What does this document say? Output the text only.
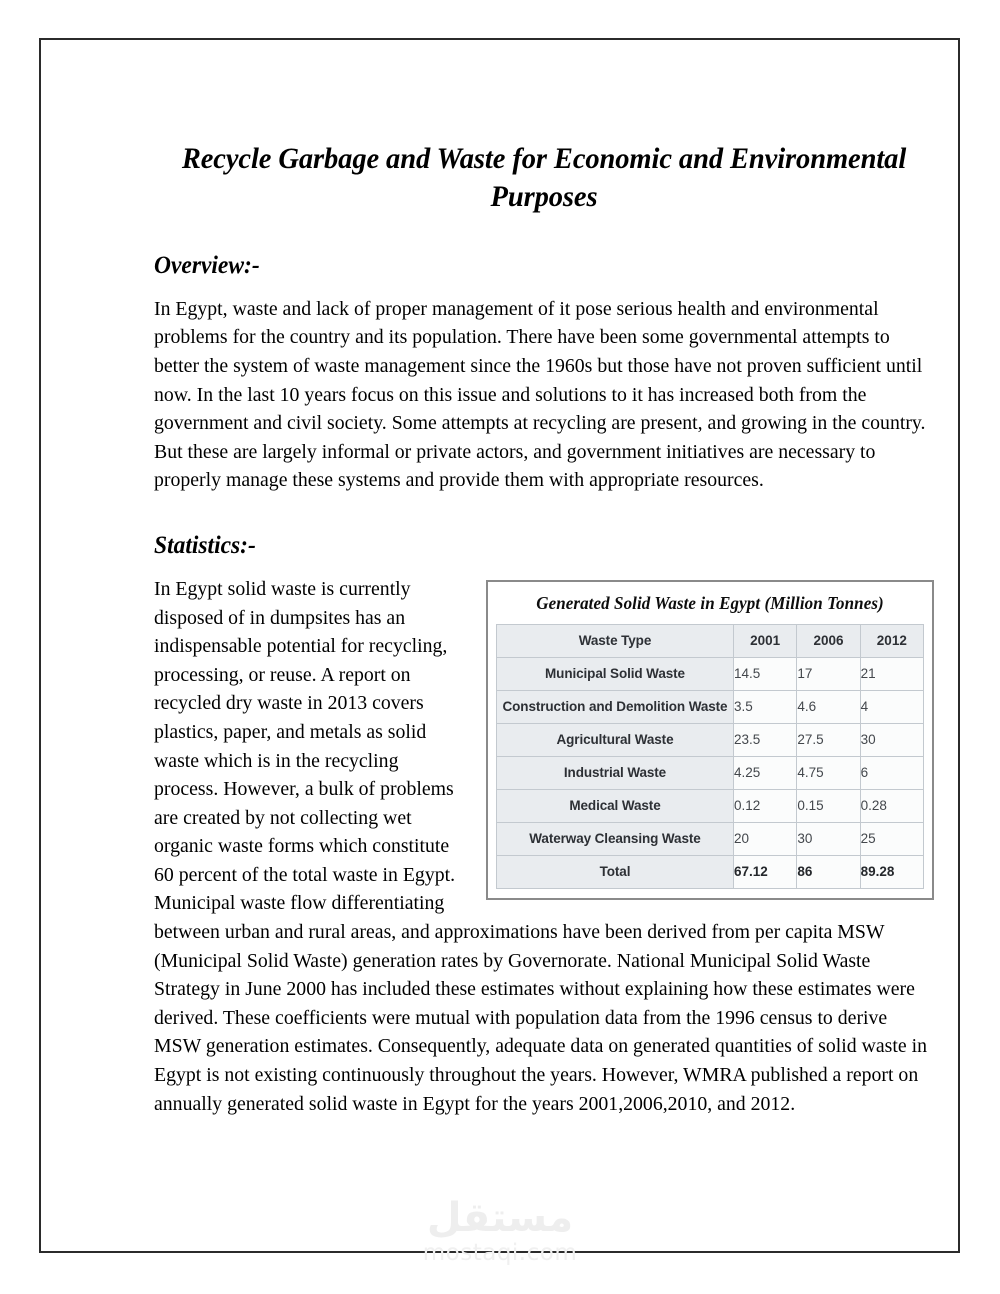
Recycle Garbage and Waste for Economic and Environmental Purposes
Overview:-

In Egypt, waste and lack of proper management of it pose serious health and environmental problems for the country and its population. There have been some governmental attempts to better the system of waste management since the 1960s but those have not proven sufficient until now. In the last 10 years focus on this issue and solutions to it has increased both from the government and civil society. Some attempts at recycling are present, and growing in the country. But these are largely informal or private actors, and government initiatives are necessary to properly manage these systems and provide them with appropriate resources.

Statistics:-
Generated Solid Waste in Egypt (Million Tonnes)
Waste Type	2001	2006	2012
Municipal Solid Waste	14.5	17	21
Construction and Demolition Waste	3.5	4.6	4
Agricultural Waste	23.5	27.5	30
Industrial Waste	4.25	4.75	6
Medical Waste	0.12	0.15	0.28
Waterway Cleansing Waste	20	30	25
Total	67.12	86	89.28

In Egypt solid waste is currently disposed of in dumpsites has an indispensable potential for recycling, processing, or reuse. A report on recycled dry waste in 2013 covers plastics, paper, and metals as solid waste which is in the recycling process. However, a bulk of problems are created by not collecting wet organic waste forms which constitute 60 percent of the total waste in Egypt. Municipal waste flow differentiating between urban and rural areas, and approximations have been derived from per capita MSW (Municipal Solid Waste) generation rates by Governorate. National Municipal Solid Waste Strategy in June 2000 has included these estimates without explaining how these estimates were derived. These coefficients were mutual with population data from the 1996 census to derive MSW generation estimates. Consequently, adequate data on generated quantities of solid waste in Egypt is not existing continuously throughout the years. However, WMRA published a report on annually generated solid waste in Egypt for the years 2001,2006,2010, and 2012.

مستقل
mostaqi.com
